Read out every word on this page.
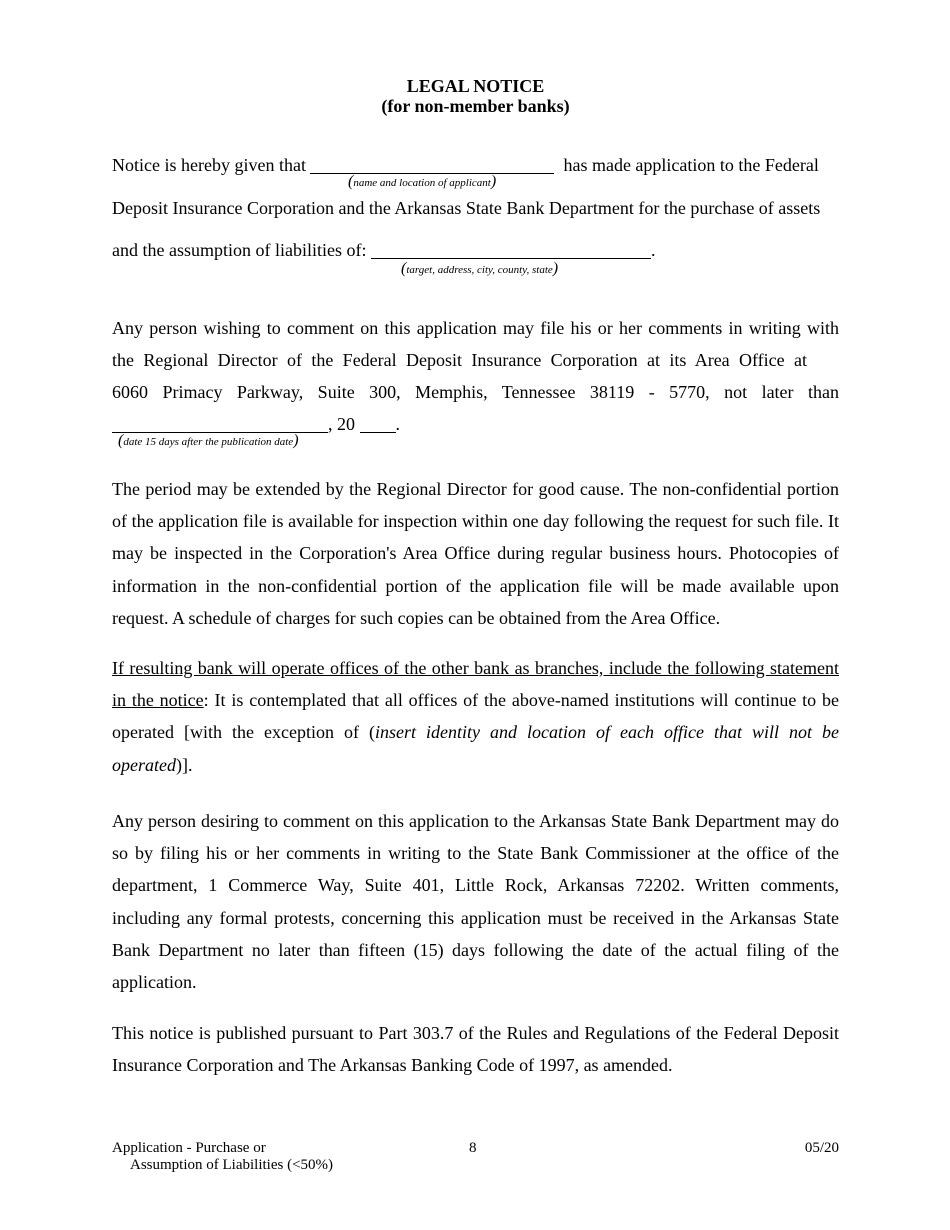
LEGAL NOTICE
(for non-member banks)
Notice is hereby given that	has made application to the Federal
(name and location of applicant)
Deposit Insurance Corporation and the Arkansas State Bank Department for the purchase of assets
and the assumption of liabilities of:	.
(target, address, city, county, state)
Any person wishing to comment on this application may file his or her comments in writing with
the Regional Director of the Federal Deposit Insurance Corporation at its Area Office at
6060 Primacy Parkway, Suite 300, Memphis, Tennessee 38119 - 5770, not later than
, 20 .
(date 15 days after the publication date)
The period may be extended by the Regional Director for good cause. The non-confidential portion of the application file is available for inspection within one day following the request for such file. It may be inspected in the Corporation's Area Office during regular business hours. Photocopies of information in the non-confidential portion of the application file will be made available upon request. A schedule of charges for such copies can be obtained from the Area Office.
If resulting bank will operate offices of the other bank as branches, include the following statement in the notice: It is contemplated that all offices of the above-named institutions will continue to be operated [with the exception of (insert identity and location of each office that will not be operated)].
Any person desiring to comment on this application to the Arkansas State Bank Department may do so by filing his or her comments in writing to the State Bank Commissioner at the office of the department, 1 Commerce Way, Suite 401, Little Rock, Arkansas 72202. Written comments, including any formal protests, concerning this application must be received in the Arkansas State Bank Department no later than fifteen (15) days following the date of the actual filing of the application.
This notice is published pursuant to Part 303.7 of the Rules and Regulations of the Federal Deposit Insurance Corporation and The Arkansas Banking Code of 1997, as amended.
Application - Purchase or
Assumption of Liabilities (<50%)
8	05/20
